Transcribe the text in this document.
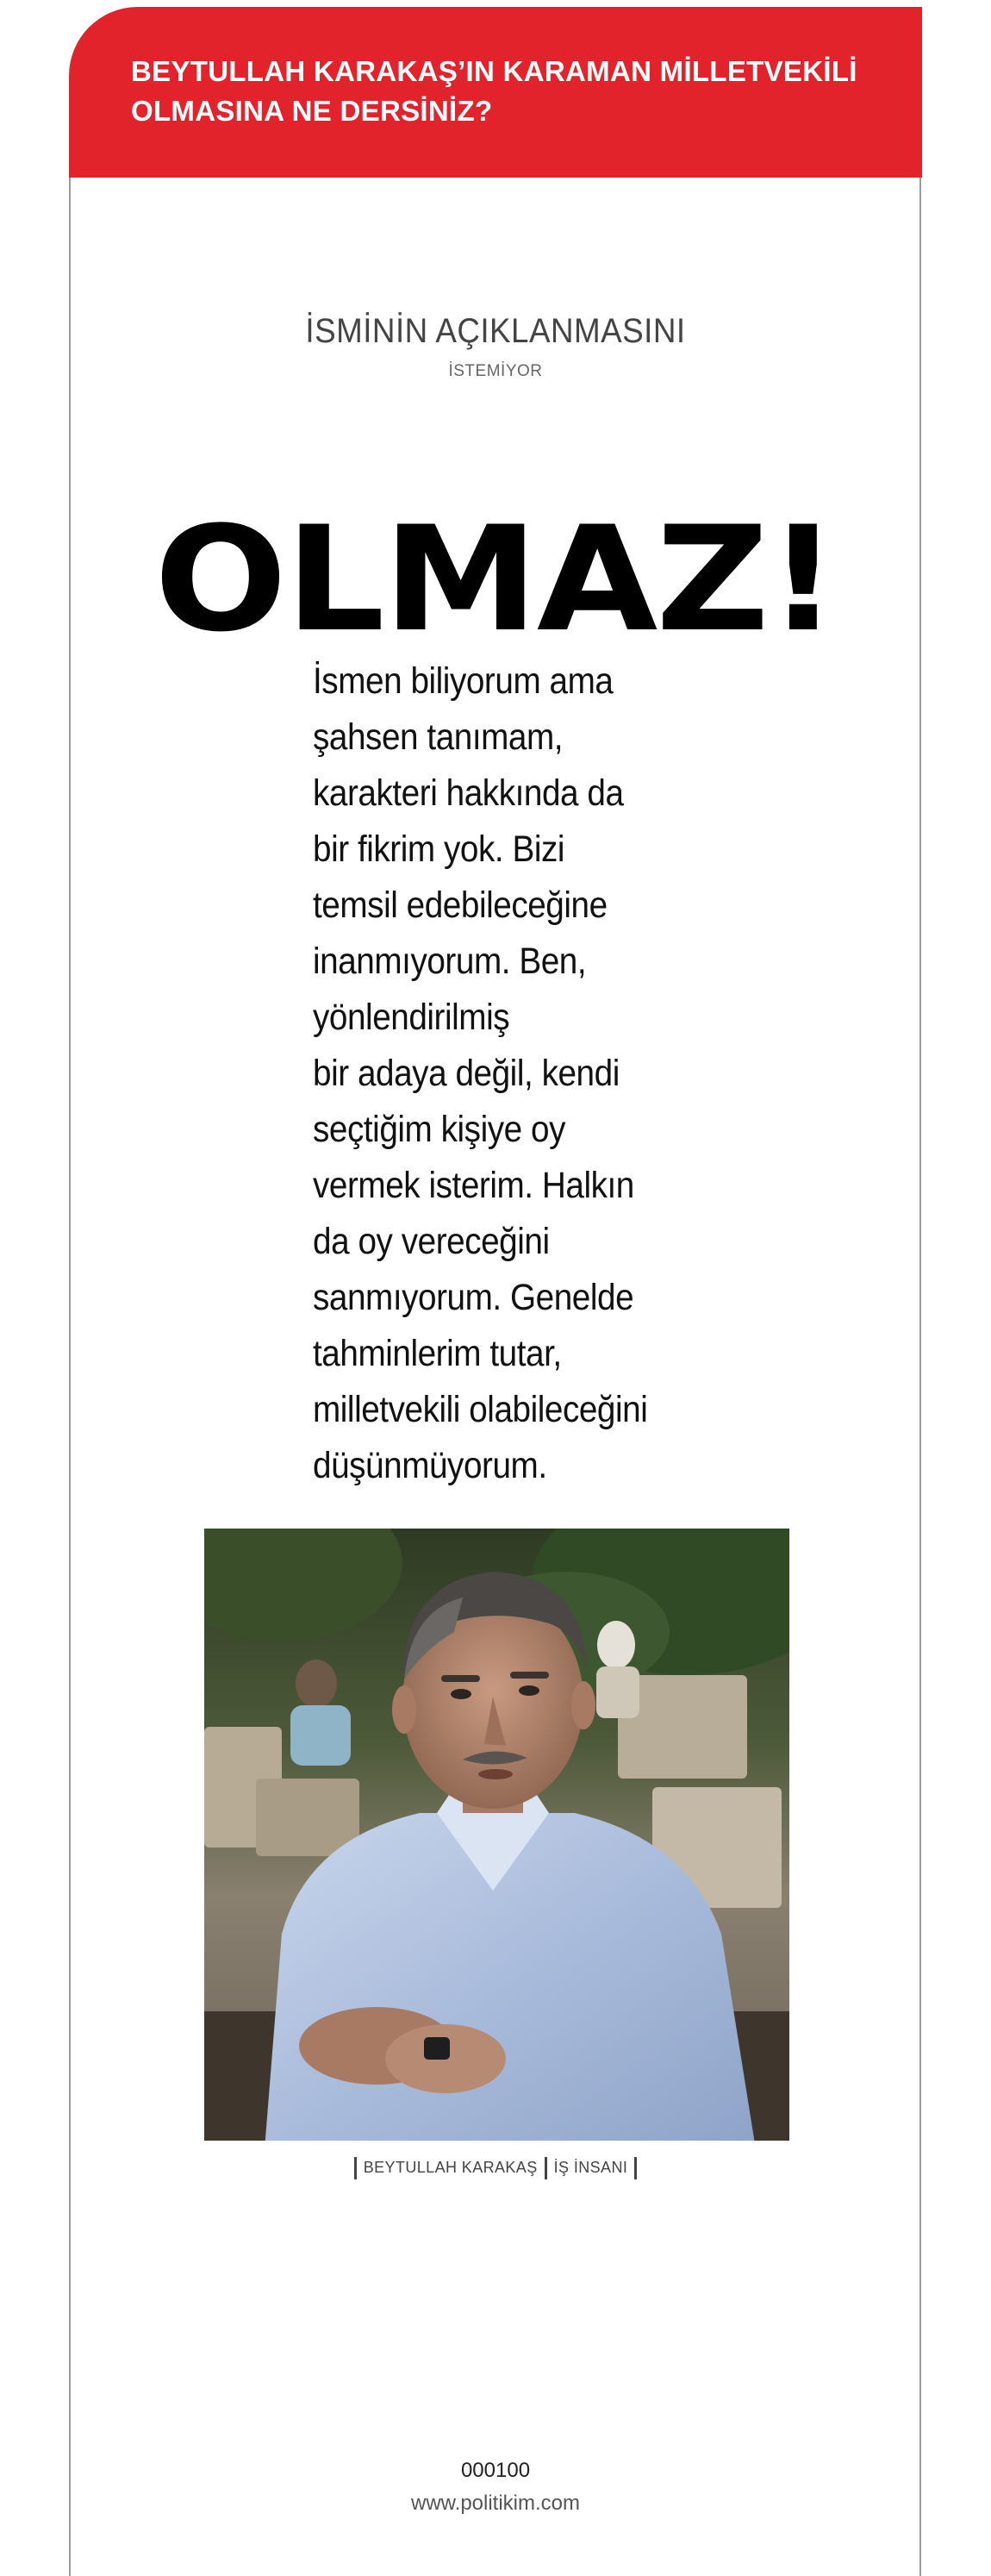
BEYTULLAH KARAKAŞ’IN KARAMAN MİLLETVEKİLİ
OLMASINA NE DERSİNİZ?

İSMİNİN AÇIKLANMASINI
İSTEMİYOR
OLMAZ!

İsmen biliyorum ama
şahsen tanımam,
karakteri hakkında da
bir fikrim yok. Bizi
temsil edebileceğine
inanmıyorum. Ben,
yönlendirilmiş
bir adaya değil, kendi
seçtiğim kişiye oy
vermek isterim. Halkın
da oy vereceğini
sanmıyorum. Genelde
tahminlerim tutar,
milletvekili olabileceğini
düşünmüyorum.

BEYTULLAH KARAKAŞ İŞ İNSANI
000100
www.politikim.com
